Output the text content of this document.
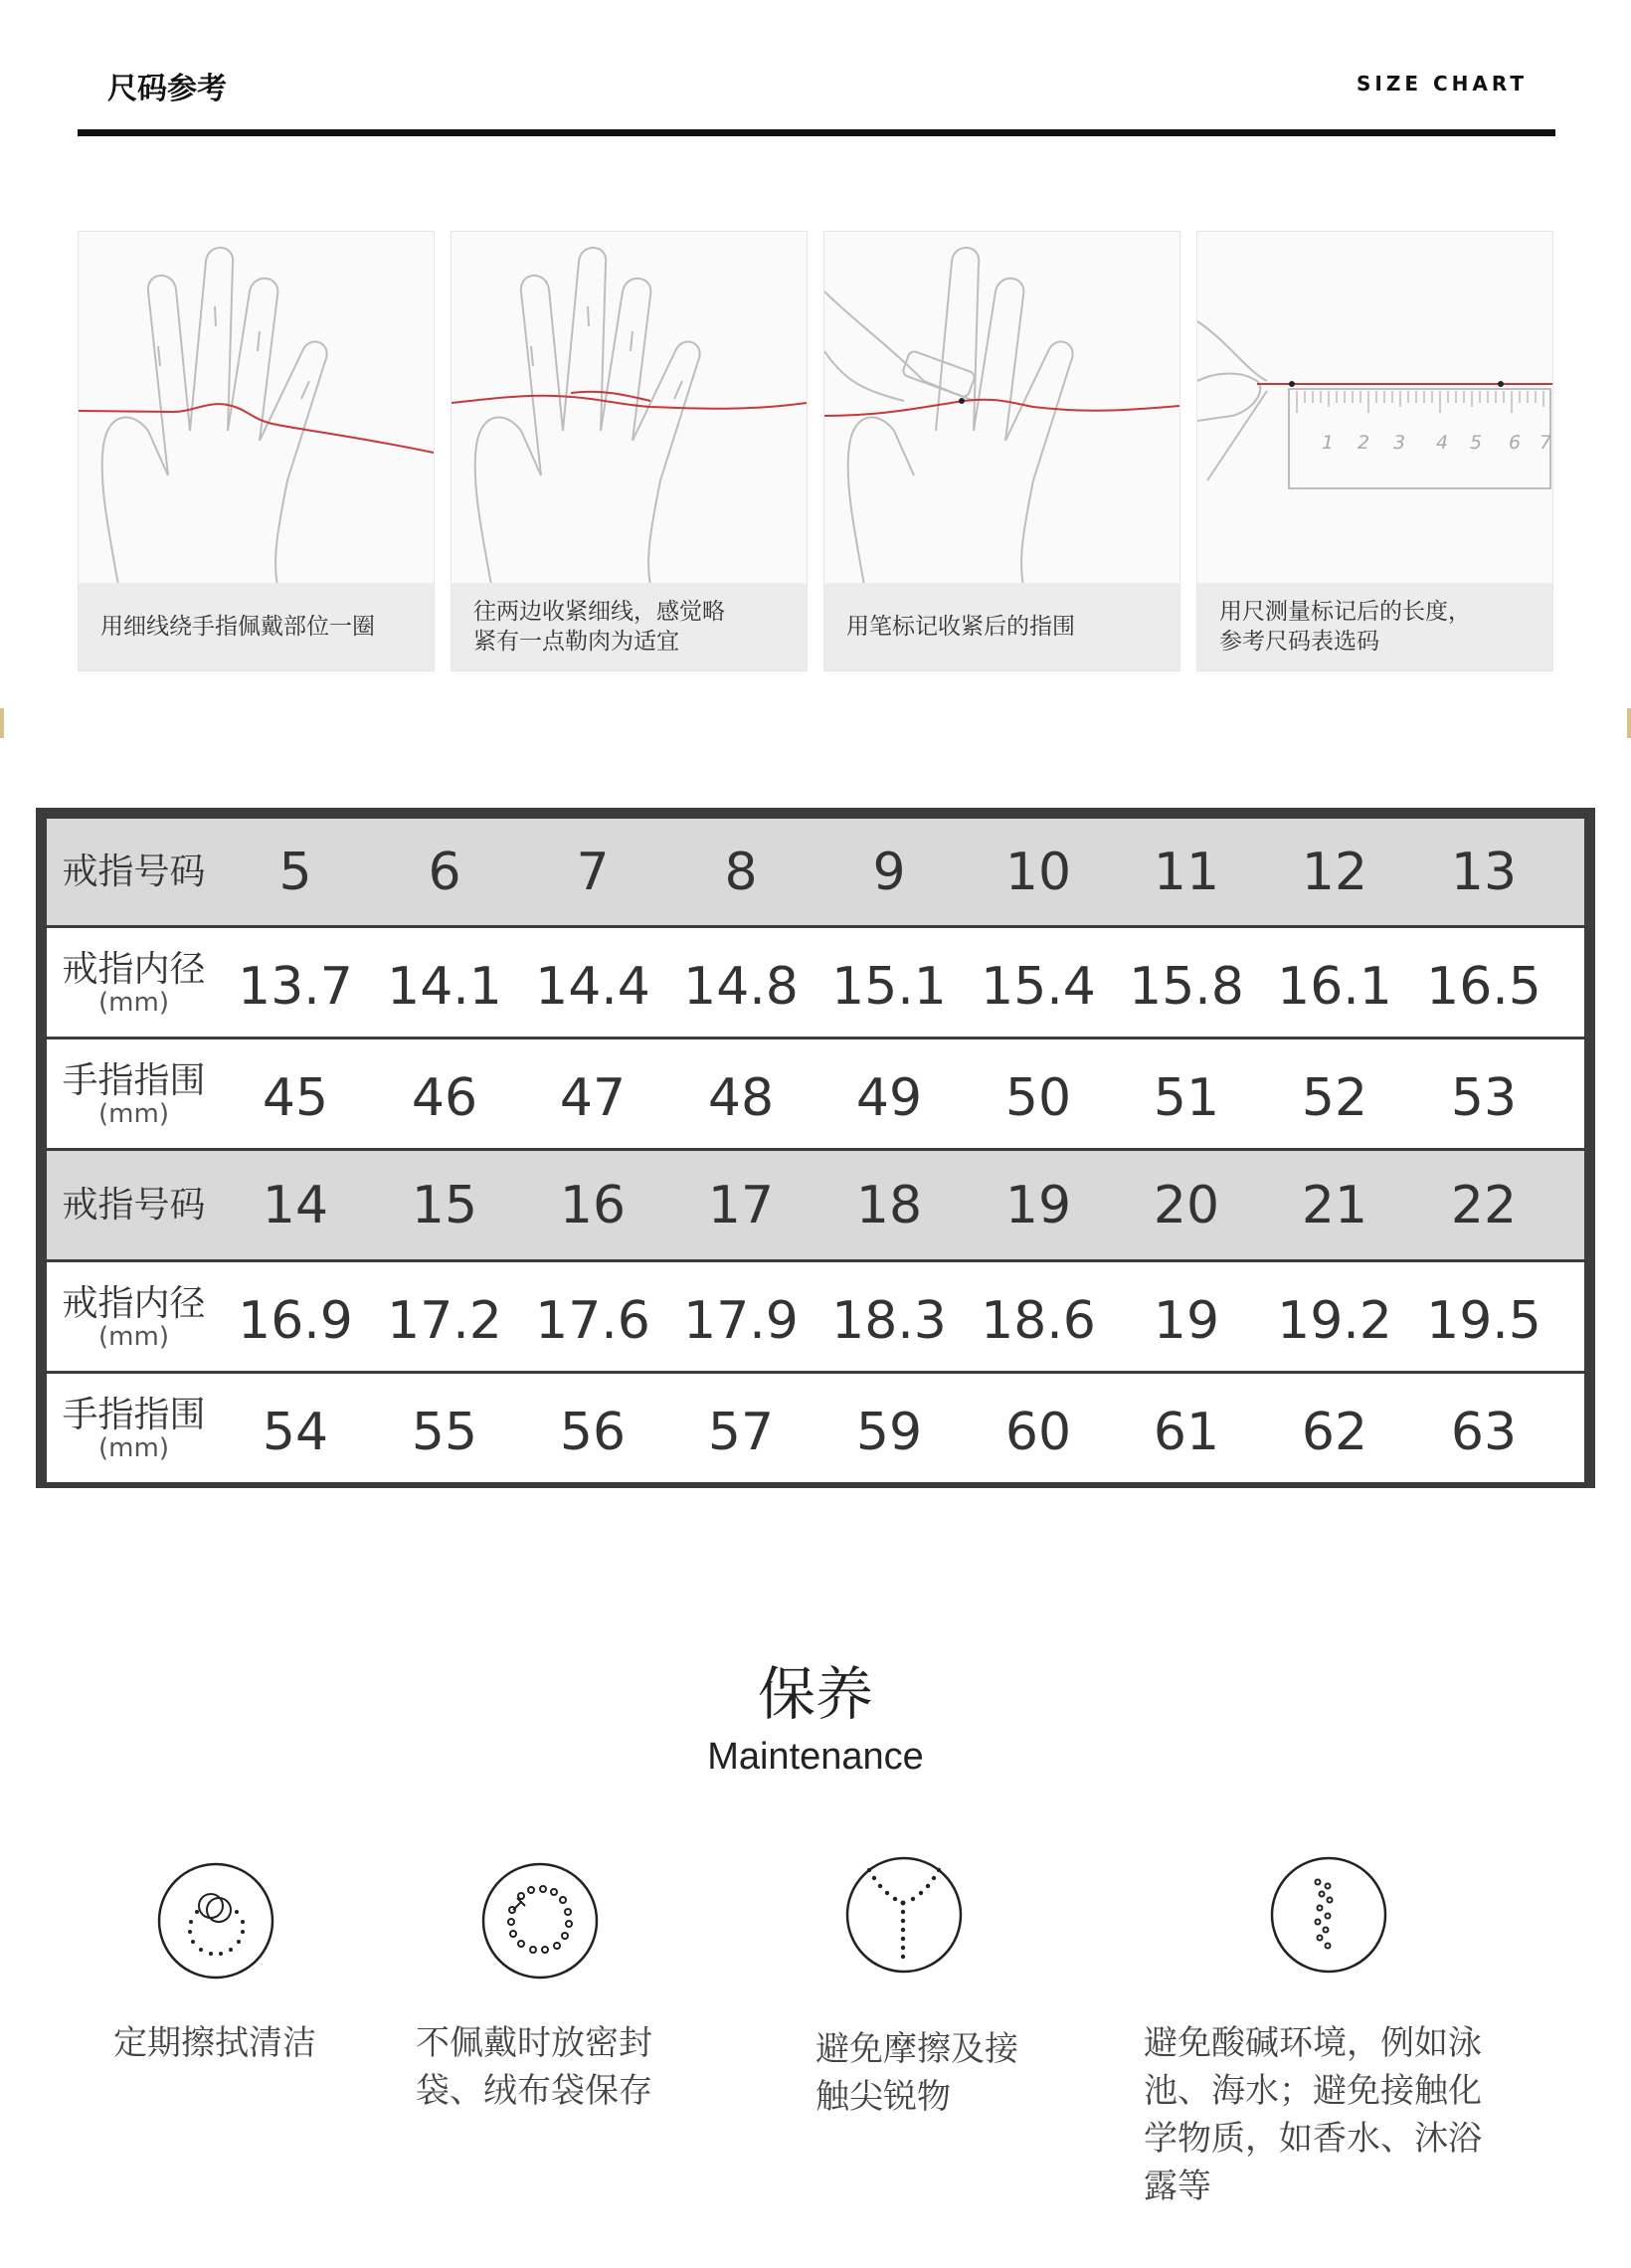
尺码参考	SIZE CHART
用细线绕手指佩戴部位一圈
往两边收紧细线，感觉略
紧有一点勒肉为适宜
用笔标记收紧后的指围
1 2 3 4 5 6 7
用尺测量标记后的长度，
参考尺码表选码
戒指号码	5	6	7	8	9	10	11	12	13
戒指内径
(mm)	13.7 14.1 14.4 14.8 15.1 15.4 15.8 16.1 16.5
手指指围
(mm)	45	46	47	48	49	50	51	52	53
戒指号码	14	15	16	17	18	19	20	21	22
戒指内径
(mm)	16.9 17.2 17.6 17.9 18.3 18.6	19	19.2 19.5
手指指围
(mm)	54	55	56	57	59	60	61	62	63
保养
Maintenance
定期擦拭清洁	不佩戴时放密封
袋、绒布袋保存
避免摩擦及接
触尖锐物
避免酸碱环境，例如泳
池、海水；避免接触化
学物质，如香水、沐浴
露等
